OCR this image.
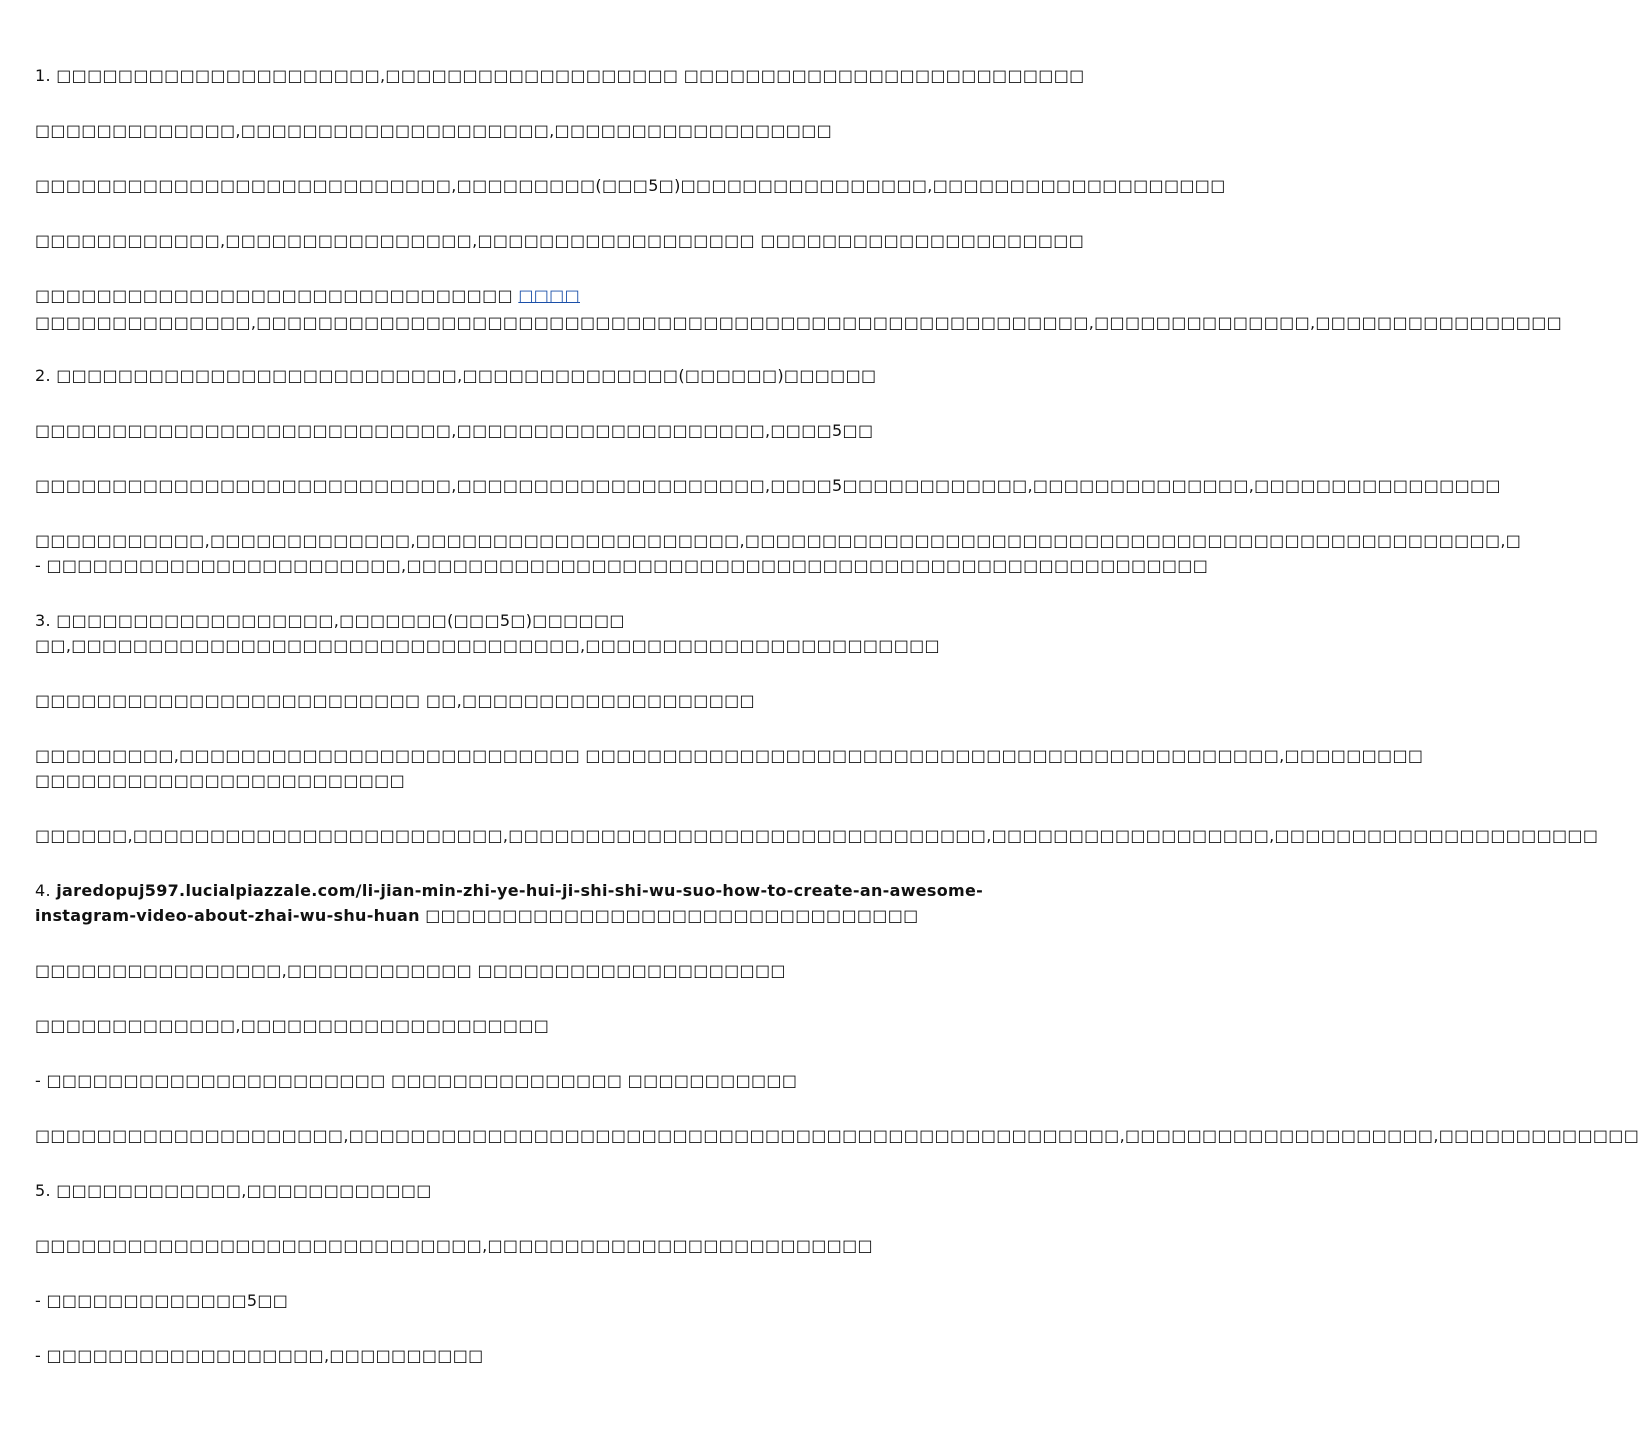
1. □□□□□□□□□□□□□□□□□□□□□,□□□□□□□□□□□□□□□□□□□ □□□□□□□□□□□□□□□□□□□□□□□□□□
□□□□□□□□□□□□□,□□□□□□□□□□□□□□□□□□□□,□□□□□□□□□□□□□□□□□□
□□□□□□□□□□□□□□□□□□□□□□□□□□□,□□□□□□□□□(□□□5□)□□□□□□□□□□□□□□□□,□□□□□□□□□□□□□□□□□□□
□□□□□□□□□□□□,□□□□□□□□□□□□□□□□,□□□□□□□□□□□□□□□□□□ □□□□□□□□□□□□□□□□□□□□□
□□□□□□□□□□□□□□□□□□□□□□□□□□□□□□□ □□□□
□□□□□□□□□□□□□□,□□□□□□□□□□□□□□□□□□□□□□□□□□□□□□□□□□□□□□□□□□□□□□□□□□□□□□,□□□□□□□□□□□□□□,□□□□□□□□□□□□□□□□
2. □□□□□□□□□□□□□□□□□□□□□□□□□□,□□□□□□□□□□□□□□(□□□□□□)□□□□□□
□□□□□□□□□□□□□□□□□□□□□□□□□□□,□□□□□□□□□□□□□□□□□□□□,□□□□5□□
□□□□□□□□□□□□□□□□□□□□□□□□□□□,□□□□□□□□□□□□□□□□□□□□,□□□□5□□□□□□□□□□□□,□□□□□□□□□□□□□□,□□□□□□□□□□□□□□□□
□□□□□□□□□□□,□□□□□□□□□□□□□,□□□□□□□□□□□□□□□□□□□□□,□□□□□□□□□□□□□□□□□□□□□□□□□□□□□□□□□□□□□□□□□□□□□□□□□,□
- □□□□□□□□□□□□□□□□□□□□□□□,□□□□□□□□□□□□□□□□□□□□□□□□□□□□□□□□□□□□□□□□□□□□□□□□□□□□
3. □□□□□□□□□□□□□□□□□□,□□□□□□□(□□□5□)□□□□□□
□□,□□□□□□□□□□□□□□□□□□□□□□□□□□□□□□□□□,□□□□□□□□□□□□□□□□□□□□□□□
□□□□□□□□□□□□□□□□□□□□□□□□□ □□,□□□□□□□□□□□□□□□□□□□
□□□□□□□□□,□□□□□□□□□□□□□□□□□□□□□□□□□□ □□□□□□□□□□□□□□□□□□□□□□□□□□□□□□□□□□□□□□□□□□□□□,□□□□□□□□□
□□□□□□□□□□□□□□□□□□□□□□□□
□□□□□□,□□□□□□□□□□□□□□□□□□□□□□□□,□□□□□□□□□□□□□□□□□□□□□□□□□□□□□□□,□□□□□□□□□□□□□□□□□□,□□□□□□□□□□□□□□□□□□□□□
4. jaredopuj597.lucialpiazzale.com/li-jian-min-zhi-ye-hui-ji-shi-shi-wu-suo-how-to-create-an-awesome-
instagram-video-about-zhai-wu-shu-huan □□□□□□□□□□□□□□□□□□□□□□□□□□□□□□□□
□□□□□□□□□□□□□□□□,□□□□□□□□□□□□ □□□□□□□□□□□□□□□□□□□□
□□□□□□□□□□□□□,□□□□□□□□□□□□□□□□□□□□
- □□□□□□□□□□□□□□□□□□□□□□ □□□□□□□□□□□□□□□ □□□□□□□□□□□
□□□□□□□□□□□□□□□□□□□□,□□□□□□□□□□□□□□□□□□□□□□□□□□□□□□□□□□□□□□□□□□□□□□□□□□,□□□□□□□□□□□□□□□□□□□□,□□□□□□□□□□□□□
5. □□□□□□□□□□□□,□□□□□□□□□□□□
□□□□□□□□□□□□□□□□□□□□□□□□□□□□□,□□□□□□□□□□□□□□□□□□□□□□□□□
- □□□□□□□□□□□□□5□□
- □□□□□□□□□□□□□□□□□□,□□□□□□□□□□
